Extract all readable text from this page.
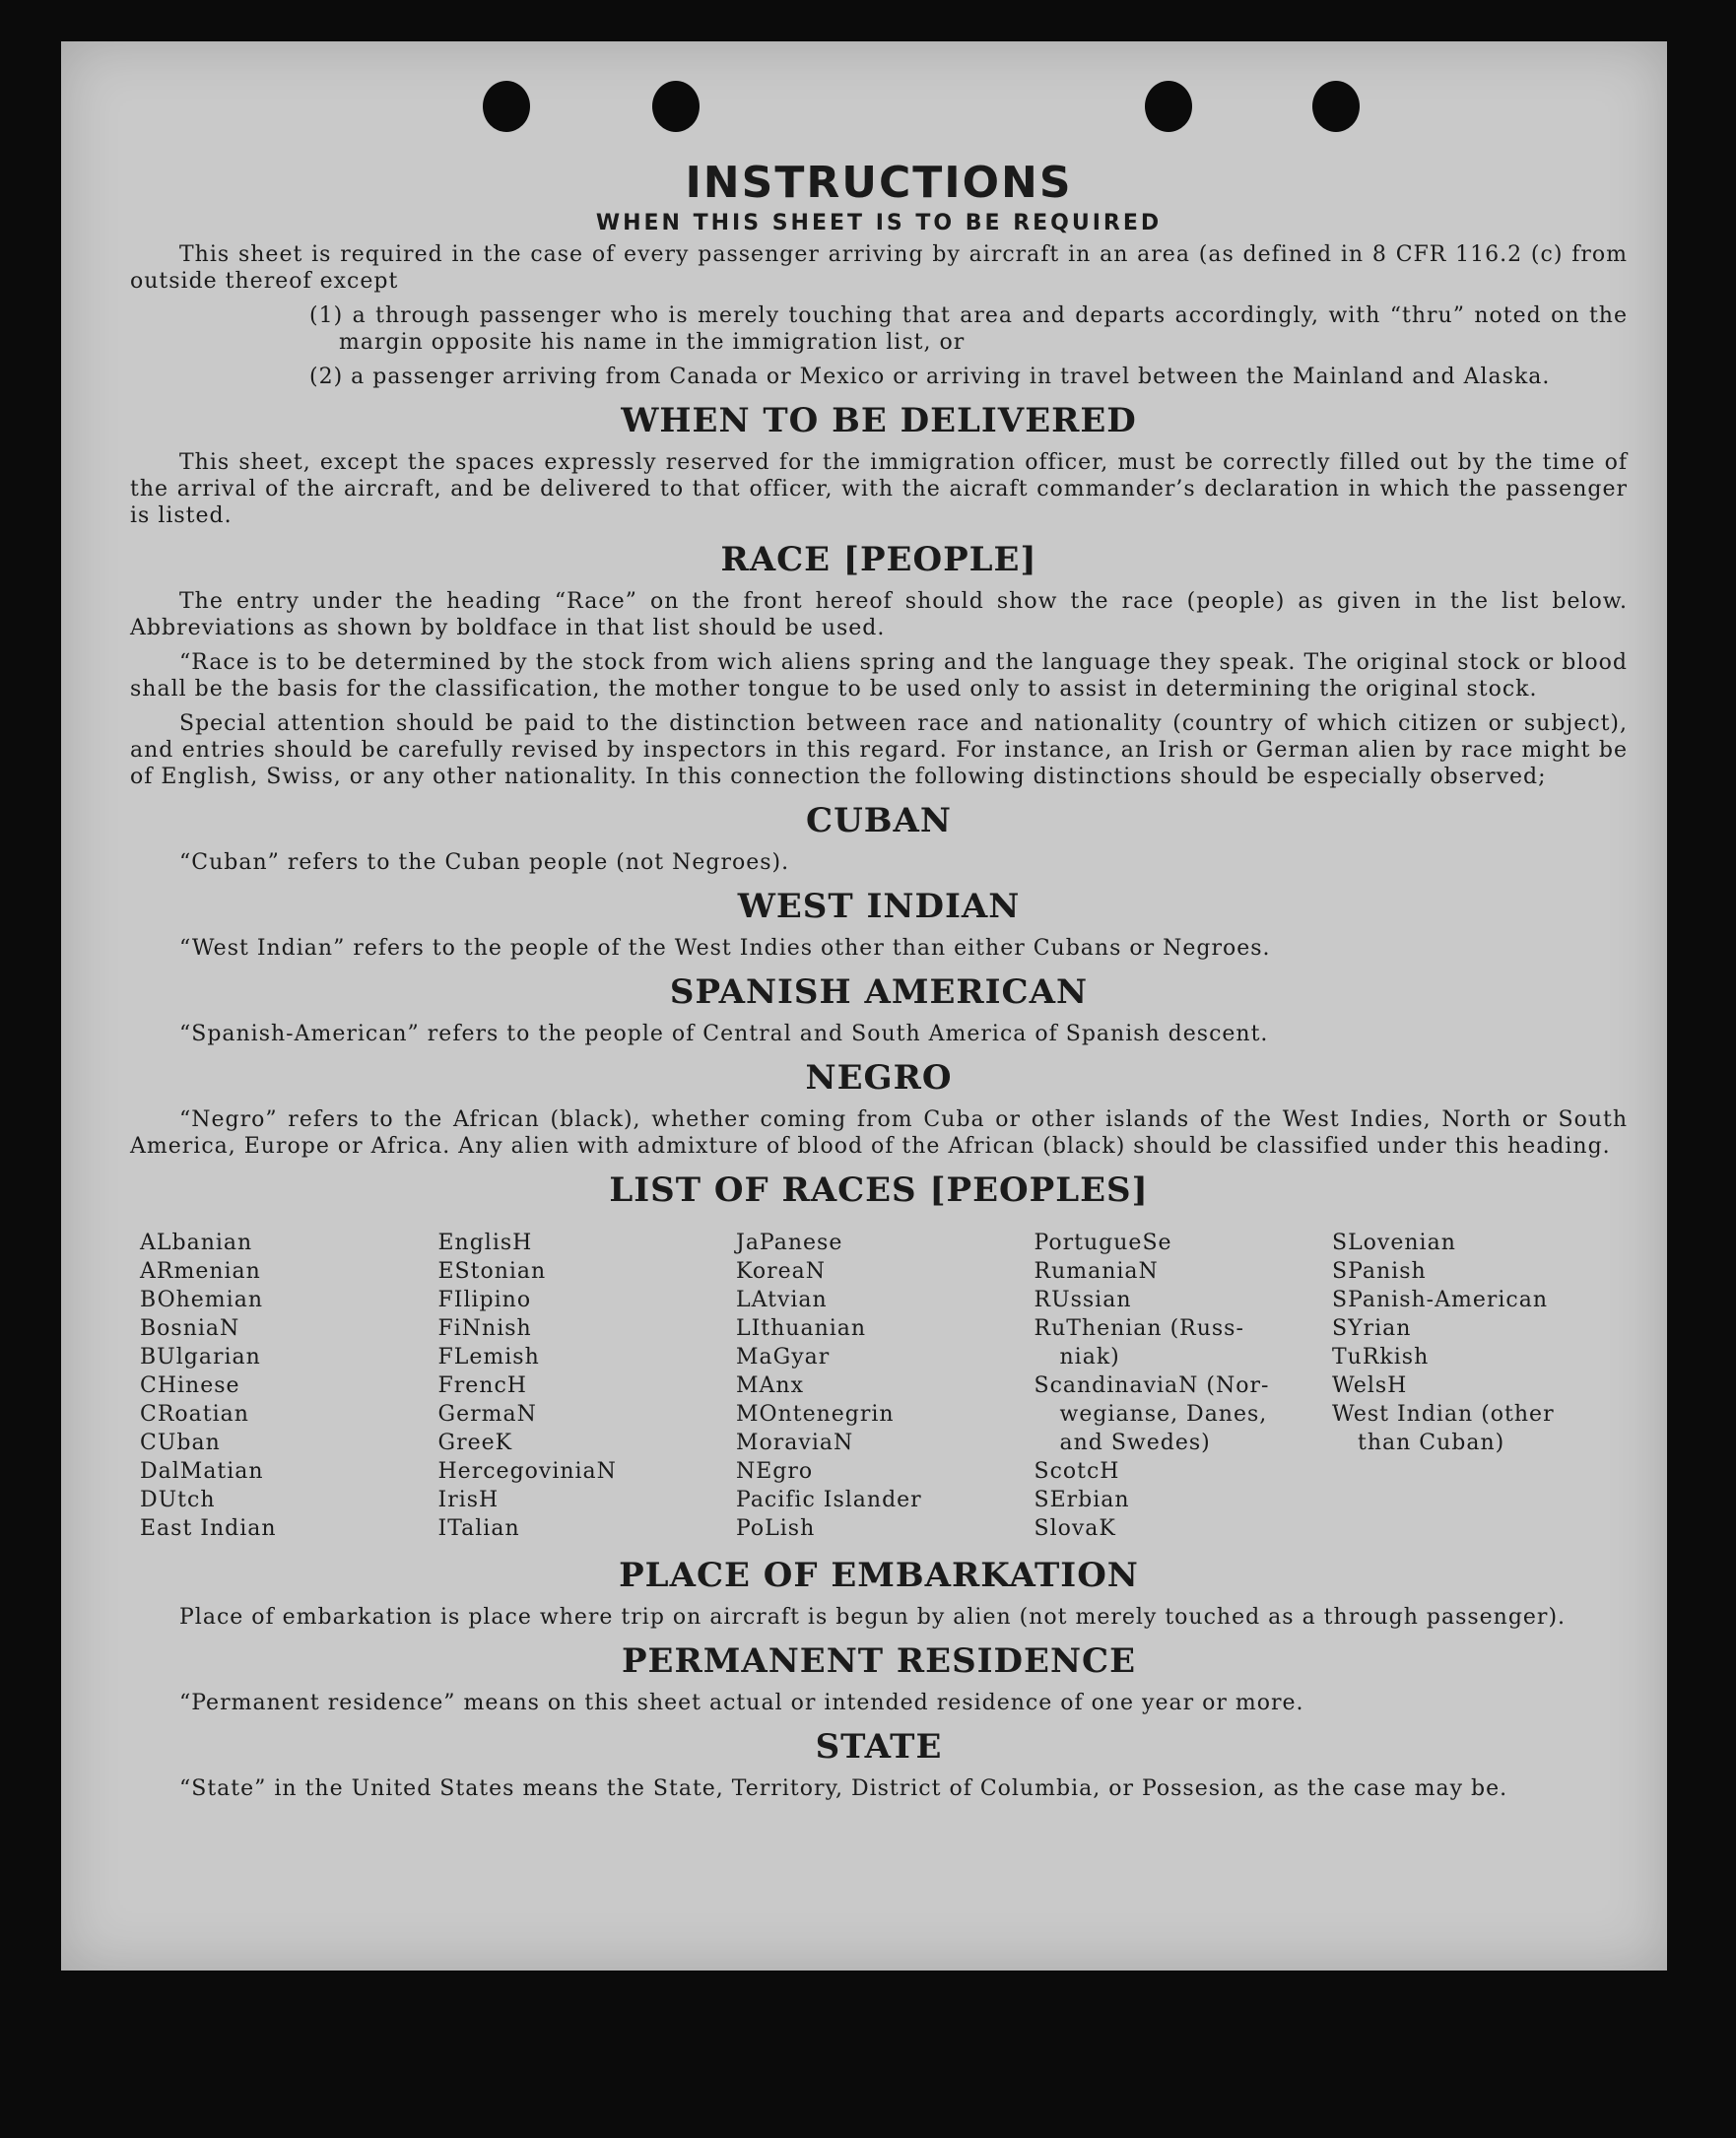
INSTRUCTIONS
WHEN THIS SHEET IS TO BE REQUIRED

This sheet is required in the case of every passenger arriving by aircraft in an area (as defined in 8 CFR 116.2 (c) from outside thereof except

(1) a through passenger who is merely touching that area and departs accordingly, with “thru” noted on the margin opposite his name in the immigration list, or

(2) a passenger arriving from Canada or Mexico or arriving in travel between the Mainland and Alaska.

WHEN TO BE DELIVERED

This sheet, except the spaces expressly reserved for the immigration officer, must be correctly filled out by the time of the arrival of the aircraft, and be delivered to that officer, with the aicraft commander’s declaration in which the passenger is listed.

RACE [PEOPLE]

The entry under the heading “Race” on the front hereof should show the race (people) as given in the list below. Abbreviations as shown by boldface in that list should be used.

“Race is to be determined by the stock from wich aliens spring and the language they speak. The original stock or blood shall be the basis for the classification, the mother tongue to be used only to assist in determining the original stock.

Special attention should be paid to the distinction between race and nationality (country of which citizen or subject), and entries should be carefully revised by inspectors in this regard. For instance, an Irish or German alien by race might be of English, Swiss, or any other nationality. In this connection the following distinctions should be especially observed;

CUBAN

“Cuban” refers to the Cuban people (not Negroes).

WEST INDIAN

“West Indian” refers to the people of the West Indies other than either Cubans or Negroes.

SPANISH AMERICAN

“Spanish-American” refers to the people of Central and South America of Spanish descent.

NEGRO

“Negro” refers to the African (black), whether coming from Cuba or other islands of the West Indies, North or South America, Europe or Africa. Any alien with admixture of blood of the African (black) should be classified under this heading.

LIST OF RACES [PEOPLES]
ALbanian
ARmenian
BOhemian
BosniaN
BUlgarian
CHinese
CRoatian
CUban
DalMatian
DUtch
East Indian
EnglisH
EStonian
FIlipino
FiNnish
FLemish
FrencH
GermaN
GreeK
HercegoviniaN
IrisH
ITalian
JaPanese
KoreaN
LAtvian
LIthuanian
MaGyar
MAnx
MOntenegrin
MoraviaN
NEgro
Pacific Islander
PoLish
PortugueSe
RumaniaN
RUssian
RuThenian (Russ-
niak)
ScandinaviaN (Nor-
wegianse, Danes,
and Swedes)
ScotcH
SErbian
SlovaK
SLovenian
SPanish
SPanish-American
SYrian
TuRkish
WelsH
West Indian (other
than Cuban)
PLACE OF EMBARKATION

Place of embarkation is place where trip on aircraft is begun by alien (not merely touched as a through passenger).

PERMANENT RESIDENCE

“Permanent residence” means on this sheet actual or intended residence of one year or more.

STATE

“State” in the United States means the State, Territory, District of Columbia, or Possesion, as the case may be.
